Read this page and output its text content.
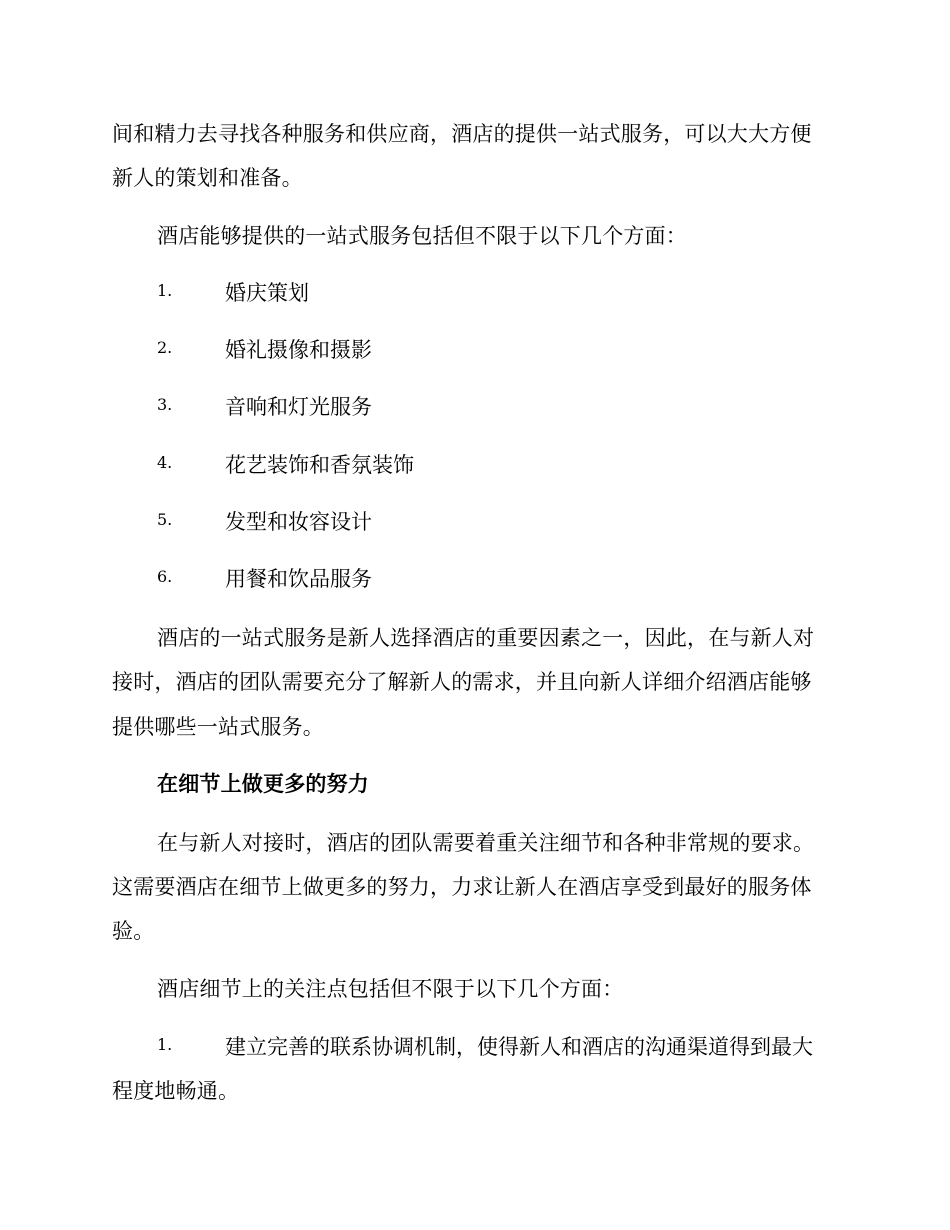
间和精力去寻找各种服务和供应商，酒店的提供一站式服务，可以大大方便
新人的策划和准备。
酒店能够提供的一站式服务包括但不限于以下几个方面：
1.	婚庆策划
2.	婚礼摄像和摄影
3.	音响和灯光服务
4.	花艺装饰和香氛装饰
5.	发型和妆容设计
6.	用餐和饮品服务
酒店的一站式服务是新人选择酒店的重要因素之一，因此，在与新人对
接时，酒店的团队需要充分了解新人的需求，并且向新人详细介绍酒店能够
提供哪些一站式服务。
在细节上做更多的努力
在与新人对接时，酒店的团队需要着重关注细节和各种非常规的要求。
这需要酒店在细节上做更多的努力，力求让新人在酒店享受到最好的服务体
验。
酒店细节上的关注点包括但不限于以下几个方面：
1.	建立完善的联系协调机制，使得新人和酒店的沟通渠道得到最大
程度地畅通。
